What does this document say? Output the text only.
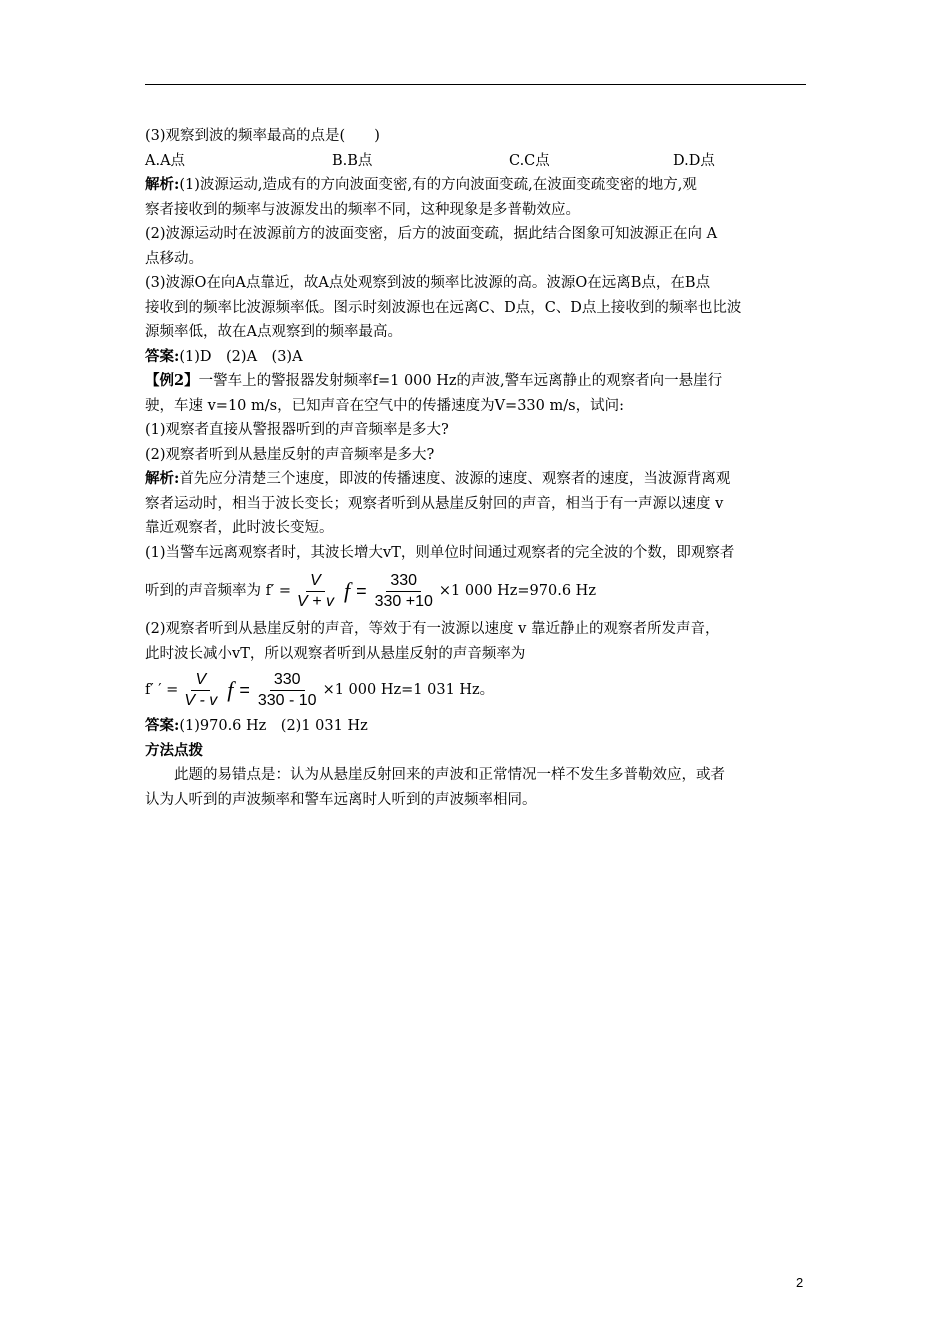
(3)观察到波的频率最高的点是(　　)
A.A点	B.B点	C.C点	D.D点
解析:(1)波源运动,造成有的方向波面变密,有的方向波面变疏,在波面变疏变密的地方,观
察者接收到的频率与波源发出的频率不同，这种现象是多普勒效应。
(2)波源运动时在波源前方的波面变密，后方的波面变疏，据此结合图象可知波源正在向 A
点移动。
(3)波源O在向A点靠近，故A点处观察到波的频率比波源的高。波源O在远离B点，在B点
接收到的频率比波源频率低。图示时刻波源也在远离C、D点，C、D点上接收到的频率也比波
源频率低，故在A点观察到的频率最高。
答案:(1)D　(2)A　(3)A
【例2】一警车上的警报器发射频率f=1 000 Hz的声波,警车远离静止的观察者向一悬崖行
驶，车速 v=10 m/s，已知声音在空气中的传播速度为V=330 m/s，试问:
(1)观察者直接从警报器听到的声音频率是多大?
(2)观察者听到从悬崖反射的声音频率是多大?
解析:首先应分清楚三个速度，即波的传播速度、波源的速度、观察者的速度，当波源背离观
察者运动时，相当于波长变长；观察者听到从悬崖反射回的声音，相当于有一声源以速度 v
靠近观察者，此时波长变短。
(1)当警车远离观察者时，其波长增大vT，则单位时间通过观察者的完全波的个数，即观察者
听到的声音频率为 $f' = \frac{V}{V + v}$ $f = \frac{330}{330 +10} \times 1$ 000 Hz=970.6 Hz
(2)观察者听到从悬崖反射的声音，等效于有一波源以速度 v 靠近静止的观察者所发声音，
此时波长减小vT，所以观察者听到从悬崖反射的声音频率为
f′ ′ = $\frac{V}{V - v}$ $f = \frac{330}{330 - 10} \times 1$ 000 Hz=1 031 Hz。
答案:(1)970.6 Hz　(2)1 031 Hz
方法点拨
此题的易错点是：认为从悬崖反射回来的声波和正常情况一样不发生多普勒效应，或者
认为人听到的声波频率和警车远离时人听到的声波频率相同。
2
